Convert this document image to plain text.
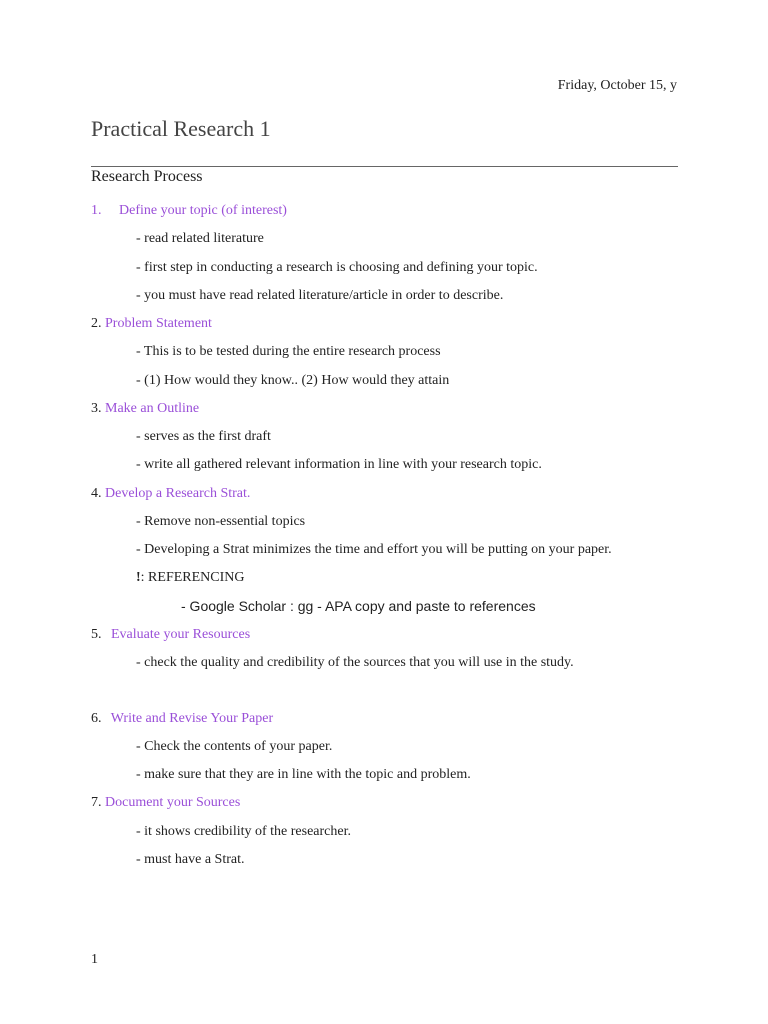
Friday, October 15, y
Practical Research 1
Research Process
1. Define your topic (of interest)
- read related literature
- first step in conducting a research is choosing and defining your topic.
- you must have read related literature/article in order to describe.
2. Problem Statement
- This is to be tested during the entire research process
- (1) How would they know.. (2) How would they attain
3. Make an Outline
- serves as the first draft
- write all gathered relevant information in line with your research topic.
4. Develop a Research Strat.
- Remove non-essential topics
- Developing a Strat minimizes the time and effort you will be putting on your paper.
!: REFERENCING
- Google Scholar : gg - APA copy and paste to references
5. Evaluate your Resources
- check the quality and credibility of the sources that you will use in the study.
6. Write and Revise Your Paper
- Check the contents of your paper.
- make sure that they are in line with the topic and problem.
7. Document your Sources
- it shows credibility of the researcher.
- must have a Strat.
1
